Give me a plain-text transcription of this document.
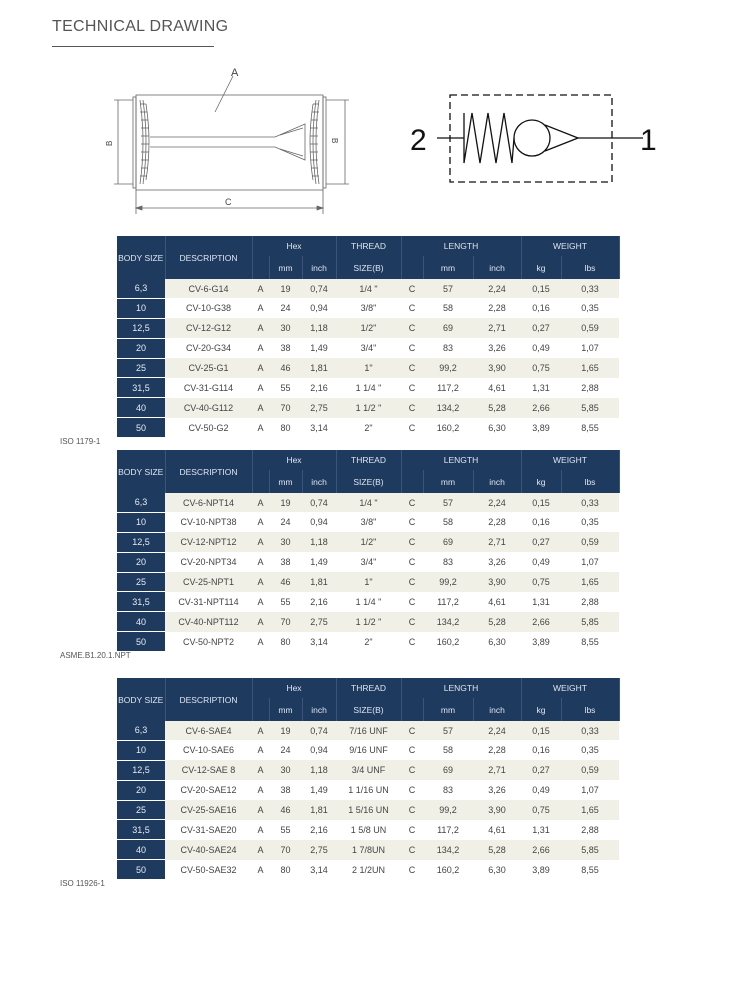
TECHNICAL DRAWING
A
B	B
C
2	1
BODY SIZE	DESCRIPTION	Hex			THREAD	LENGTH			WEIGHT	
			mm	inch	SIZE(B)		mm	inch	kg	lbs
6,3	CV-6-G14	A	19	0,74	1/4 "	C	57	2,24	0,15	0,33
10	CV-10-G38	A	24	0,94	3/8"	C	58	2,28	0,16	0,35
12,5	CV-12-G12	A	30	1,18	1/2"	C	69	2,71	0,27	0,59
20	CV-20-G34	A	38	1,49	3/4"	C	83	3,26	0,49	1,07
25	CV-25-G1	A	46	1,81	1"	C	99,2	3,90	0,75	1,65
31,5	CV-31-G114	A	55	2,16	1 1/4 "	C	117,2	4,61	1,31	2,88
40	CV-40-G112	A	70	2,75	1 1/2 "	C	134,2	5,28	2,66	5,85
50	CV-50-G2	A	80	3,14	2"	C	160,2	6,30	3,89	8,55
ISO 1179-1
BODY SIZE	DESCRIPTION	Hex			THREAD	LENGTH			WEIGHT	
			mm	inch	SIZE(B)		mm	inch	kg	lbs
6,3	CV-6-NPT14	A	19	0,74	1/4 "	C	57	2,24	0,15	0,33
10	CV-10-NPT38	A	24	0,94	3/8"	C	58	2,28	0,16	0,35
12,5	CV-12-NPT12	A	30	1,18	1/2"	C	69	2,71	0,27	0,59
20	CV-20-NPT34	A	38	1,49	3/4"	C	83	3,26	0,49	1,07
25	CV-25-NPT1	A	46	1,81	1"	C	99,2	3,90	0,75	1,65
31,5	CV-31-NPT114	A	55	2,16	1 1/4 "	C	117,2	4,61	1,31	2,88
40	CV-40-NPT112	A	70	2,75	1 1/2 "	C	134,2	5,28	2,66	5,85
50	CV-50-NPT2	A	80	3,14	2"	C	160,2	6,30	3,89	8,55
ASME.B1.20.1.NPT
BODY SIZE	DESCRIPTION	Hex			THREAD	LENGTH			WEIGHT	
			mm	inch	SIZE(B)		mm	inch	kg	lbs
6,3	CV-6-SAE4	A	19	0,74	7/16 UNF	C	57	2,24	0,15	0,33
10	CV-10-SAE6	A	24	0,94	9/16 UNF	C	58	2,28	0,16	0,35
12,5	CV-12-SAE 8	A	30	1,18	3/4 UNF	C	69	2,71	0,27	0,59
20	CV-20-SAE12	A	38	1,49	1 1/16 UN	C	83	3,26	0,49	1,07
25	CV-25-SAE16	A	46	1,81	1 5/16 UN	C	99,2	3,90	0,75	1,65
31,5	CV-31-SAE20	A	55	2,16	1 5/8 UN	C	117,2	4,61	1,31	2,88
40	CV-40-SAE24	A	70	2,75	1 7/8UN	C	134,2	5,28	2,66	5,85
50	CV-50-SAE32	A	80	3,14	2 1/2UN	C	160,2	6,30	3,89	8,55
ISO 11926-1
